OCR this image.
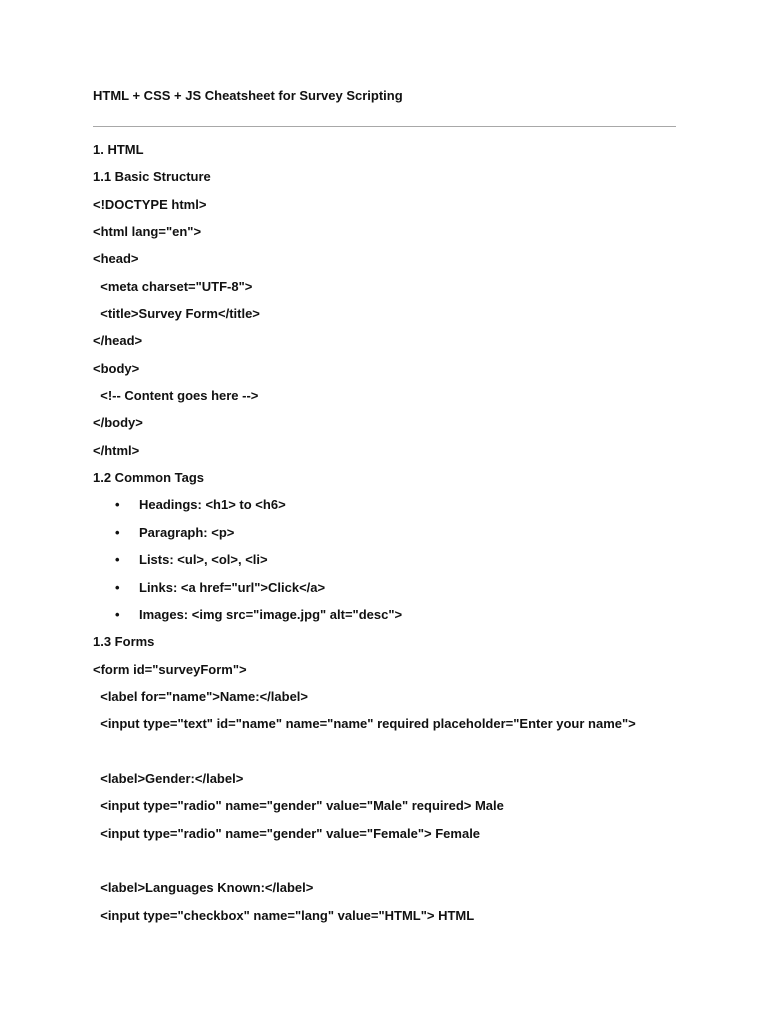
HTML + CSS + JS Cheatsheet for Survey Scripting
1. HTML
1.1 Basic Structure
<!DOCTYPE html>
<html lang="en">
<head>
<meta charset="UTF-8">
<title>Survey Form</title>
</head>
<body>
<!-- Content goes here -->
</body>
</html>
1.2 Common Tags
• Headings: <h1> to <h6>
• Paragraph: <p>
• Lists: <ul>, <ol>, <li>
• Links: <a href="url">Click</a>
• Images: <img src="image.jpg" alt="desc">
1.3 Forms
<form id="surveyForm">
<label for="name">Name:</label>
<input type="text" id="name" name="name" required placeholder="Enter your name">
<label>Gender:</label>
<input type="radio" name="gender" value="Male" required> Male
<input type="radio" name="gender" value="Female"> Female
<label>Languages Known:</label>
<input type="checkbox" name="lang" value="HTML"> HTML
